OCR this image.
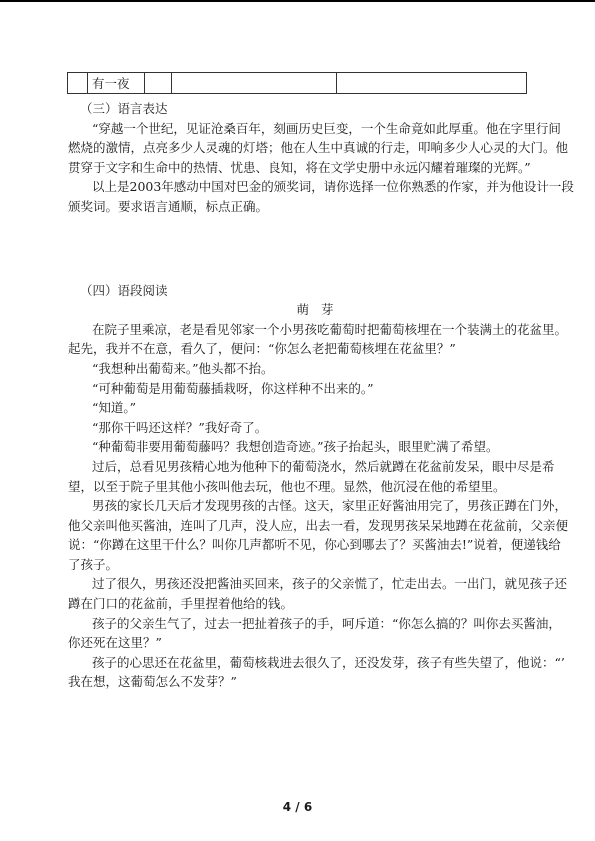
	有一夜			
（三）语言表达
“穿越一个世纪，见证沧桑百年，刻画历史巨变，一个生命竟如此厚重。他在字里行间
燃烧的激情，点亮多少人灵魂的灯塔；他在人生中真诚的行走，叩响多少人心灵的大门。他
贯穿于文字和生命中的热情、忧患、良知，将在文学史册中永远闪耀着璀璨的光辉。”
以上是2003年感动中国对巴金的颁奖词，请你选择一位你熟悉的作家，并为他设计一段
颁奖词。要求语言通顺，标点正确。
（四）语段阅读
萌芽
在院子里乘凉，老是看见邻家一个小男孩吃葡萄时把葡萄核埋在一个装满土的花盆里。
起先，我并不在意，看久了，便问：“你怎么老把葡萄核埋在花盆里？”
“我想种出葡萄来。”他头都不抬。
“可种葡萄是用葡萄藤插栽呀，你这样种不出来的。”
“知道。”
“那你干吗还这样？”我好奇了。
“种葡萄非要用葡萄藤吗？我想创造奇迹。”孩子抬起头，眼里贮满了希望。
过后，总看见男孩精心地为他种下的葡萄浇水，然后就蹲在花盆前发呆，眼中尽是希
望，以至于院子里其他小孩叫他去玩，他也不理。显然，他沉浸在他的希望里。
男孩的家长几天后才发现男孩的古怪。这天，家里正好酱油用完了，男孩正蹲在门外，
他父亲叫他买酱油，连叫了几声，没人应，出去一看，发现男孩呆呆地蹲在花盆前，父亲便
说：“你蹲在这里干什么？叫你几声都听不见，你心到哪去了？买酱油去!”说着，便递钱给
了孩子。
过了很久，男孩还没把酱油买回来，孩子的父亲慌了，忙走出去。一出门，就见孩子还
蹲在门口的花盆前，手里捏着他给的钱。
孩子的父亲生气了，过去一把扯着孩子的手，呵斥道：“你怎么搞的？叫你去买酱油，
你还死在这里？”
孩子的心思还在花盆里，葡萄核栽进去很久了，还没发芽，孩子有些失望了，他说：“’
我在想，这葡萄怎么不发芽？”
4 / 6
